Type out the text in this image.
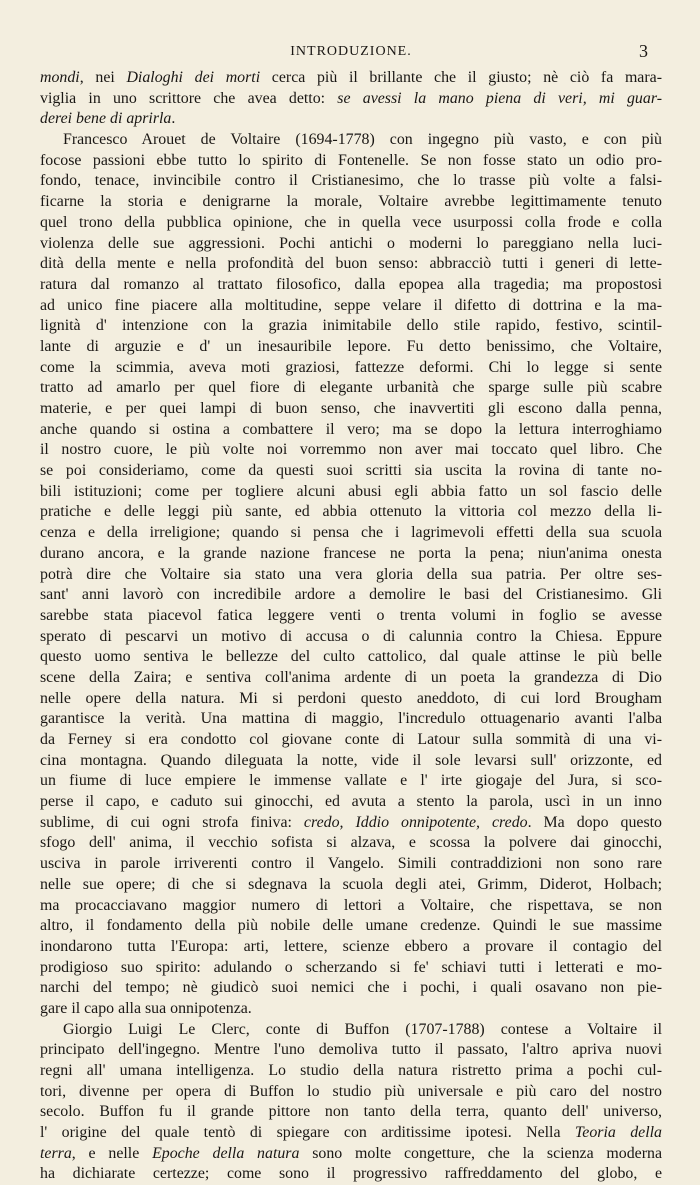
INTRODUZIONE.	3
mondi, nei Dialoghi dei morti cerca più il brillante che il giusto; nè ciò fa mara-
viglia in uno scrittore che avea detto: se avessi la mano piena di veri, mi guar-
derei bene di aprirla.
Francesco Arouet de Voltaire (1694-1778) con ingegno più vasto, e con più
focose passioni ebbe tutto lo spirito di Fontenelle. Se non fosse stato un odio pro-
fondo, tenace, invincibile contro il Cristianesimo, che lo trasse più volte a falsi-
ficarne la storia e denigrarne la morale, Voltaire avrebbe legittimamente tenuto
quel trono della pubblica opinione, che in quella vece usurpossi colla frode e colla
violenza delle sue aggressioni. Pochi antichi o moderni lo pareggiano nella luci-
dità della mente e nella profondità del buon senso: abbracciò tutti i generi di lette-
ratura dal romanzo al trattato filosofico, dalla epopea alla tragedia; ma propostosi
ad unico fine piacere alla moltitudine, seppe velare il difetto di dottrina e la ma-
lignità d' intenzione con la grazia inimitabile dello stile rapido, festivo, scintil-
lante di arguzie e d' un inesauribile lepore. Fu detto benissimo, che Voltaire,
come la scimmia, aveva moti graziosi, fattezze deformi. Chi lo legge si sente
tratto ad amarlo per quel fiore di elegante urbanità che sparge sulle più scabre
materie, e per quei lampi di buon senso, che inavvertiti gli escono dalla penna,
anche quando si ostina a combattere il vero; ma se dopo la lettura interroghiamo
il nostro cuore, le più volte noi vorremmo non aver mai toccato quel libro. Che
se poi consideriamo, come da questi suoi scritti sia uscita la rovina di tante no-
bili istituzioni; come per togliere alcuni abusi egli abbia fatto un sol fascio delle
pratiche e delle leggi più sante, ed abbia ottenuto la vittoria col mezzo della li-
cenza e della irreligione; quando si pensa che i lagrimevoli effetti della sua scuola
durano ancora, e la grande nazione francese ne porta la pena; niun'anima onesta
potrà dire che Voltaire sia stato una vera gloria della sua patria. Per oltre ses-
sant' anni lavorò con incredibile ardore a demolire le basi del Cristianesimo. Gli
sarebbe stata piacevol fatica leggere venti o trenta volumi in foglio se avesse
sperato di pescarvi un motivo di accusa o di calunnia contro la Chiesa. Eppure
questo uomo sentiva le bellezze del culto cattolico, dal quale attinse le più belle
scene della Zaira; e sentiva coll'anima ardente di un poeta la grandezza di Dio
nelle opere della natura. Mi si perdoni questo aneddoto, di cui lord Brougham
garantisce la verità. Una mattina di maggio, l'incredulo ottuagenario avanti l'alba
da Ferney si era condotto col giovane conte di Latour sulla sommità di una vi-
cina montagna. Quando dileguata la notte, vide il sole levarsi sull' orizzonte, ed
un fiume di luce empiere le immense vallate e l' irte giogaje del Jura, si sco-
perse il capo, e caduto sui ginocchi, ed avuta a stento la parola, uscì in un inno
sublime, di cui ogni strofa finiva: credo, Iddio onnipotente, credo. Ma dopo questo
sfogo dell' anima, il vecchio sofista si alzava, e scossa la polvere dai ginocchi,
usciva in parole irriverenti contro il Vangelo. Simili contraddizioni non sono rare
nelle sue opere; di che si sdegnava la scuola degli atei, Grimm, Diderot, Holbach;
ma procacciavano maggior numero di lettori a Voltaire, che rispettava, se non
altro, il fondamento della più nobile delle umane credenze. Quindi le sue massime
inondarono tutta l'Europa: arti, lettere, scienze ebbero a provare il contagio del
prodigioso suo spirito: adulando o scherzando si fe' schiavi tutti i letterati e mo-
narchi del tempo; nè giudicò suoi nemici che i pochi, i quali osavano non pie-
gare il capo alla sua onnipotenza.
Giorgio Luigi Le Clerc, conte di Buffon (1707-1788) contese a Voltaire il
principato dell'ingegno. Mentre l'uno demoliva tutto il passato, l'altro apriva nuovi
regni all' umana intelligenza. Lo studio della natura ristretto prima a pochi cul-
tori, divenne per opera di Buffon lo studio più universale e più caro del nostro
secolo. Buffon fu il grande pittore non tanto della terra, quanto dell' universo,
l' origine del quale tentò di spiegare con arditissime ipotesi. Nella Teoria della
terra, e nelle Epoche della natura sono molte congetture, che la scienza moderna
ha dichiarate certezze; come sono il progressivo raffreddamento del globo, e
